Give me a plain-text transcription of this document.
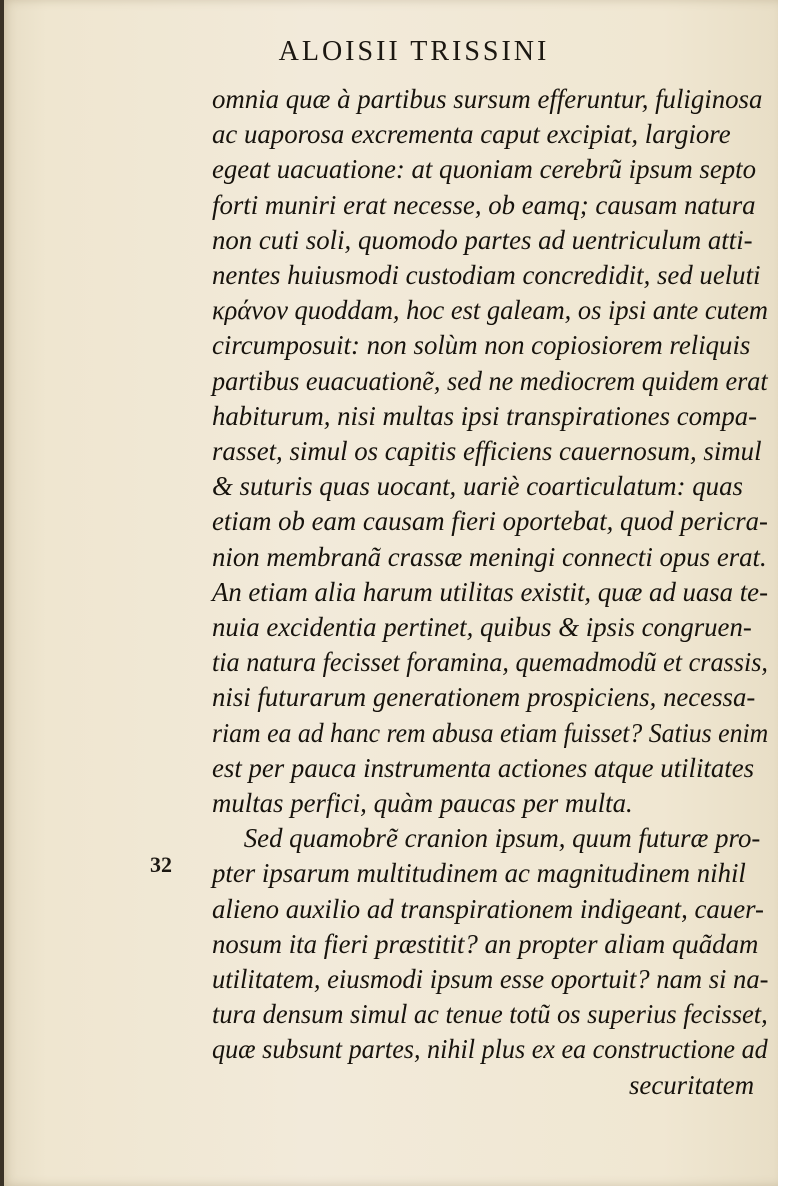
ALOISII TRISSINI
32
omnia quæ à partibus sursum efferuntur, fuliginosa
ac uaporosa excrementa caput excipiat, largiore
egeat uacuatione: at quoniam cerebrũ ipsum septo
forti muniri erat necesse, ob eamq; causam natura
non cuti soli, quomodo partes ad uentriculum atti-
nentes huiusmodi custodiam concredidit, sed ueluti
κράνον quoddam, hoc est galeam, os ipsi ante cutem
circumposuit: non solùm non copiosiorem reliquis
partibus euacuationẽ, sed ne mediocrem quidem erat
habiturum, nisi multas ipsi transpirationes compa-
rasset, simul os capitis efficiens cauernosum, simul
& suturis quas uocant, uariè coarticulatum: quas
etiam ob eam causam fieri oportebat, quod pericra-
nion membranã crassæ meningi connecti opus erat.
An etiam alia harum utilitas existit, quæ ad uasa te-
nuia excidentia pertinet, quibus & ipsis congruen-
tia natura fecisset foramina, quemadmodũ et crassis,
nisi futurarum generationem prospiciens, necessa-
riam ea ad hanc rem abusa etiam fuisset? Satius enim
est per pauca instrumenta actiones atque utilitates
multas perfici, quàm paucas per multa.
Sed quamobrẽ cranion ipsum, quum futuræ pro-
pter ipsarum multitudinem ac magnitudinem nihil
alieno auxilio ad transpirationem indigeant, cauer-
nosum ita fieri præstitit? an propter aliam quãdam
utilitatem, eiusmodi ipsum esse oportuit? nam si na-
tura densum simul ac tenue totũ os superius fecisset,
quæ subsunt partes, nihil plus ex ea constructione ad
securitatem
